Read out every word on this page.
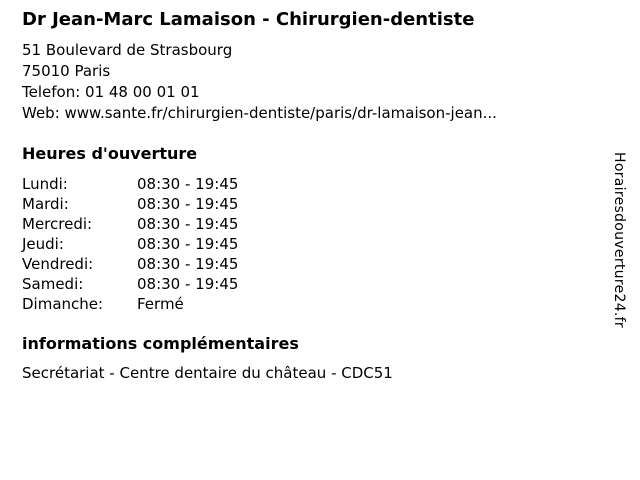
Dr Jean-Marc Lamaison - Chirurgien-dentiste
51 Boulevard de Strasbourg
75010 Paris
Telefon: 01 48 00 01 01
Web: www.sante.fr/chirurgien-dentiste/paris/dr-lamaison-jean...
Heures d'ouverture
Lundi:	08:30 - 19:45
Mardi:	08:30 - 19:45
Mercredi:	08:30 - 19:45
Jeudi:	08:30 - 19:45
Vendredi:	08:30 - 19:45
Samedi:	08:30 - 19:45
Dimanche: Fermé
informations complémentaires
Secrétariat - Centre dentaire du château - CDC51
Horairesdouverture24.fr
